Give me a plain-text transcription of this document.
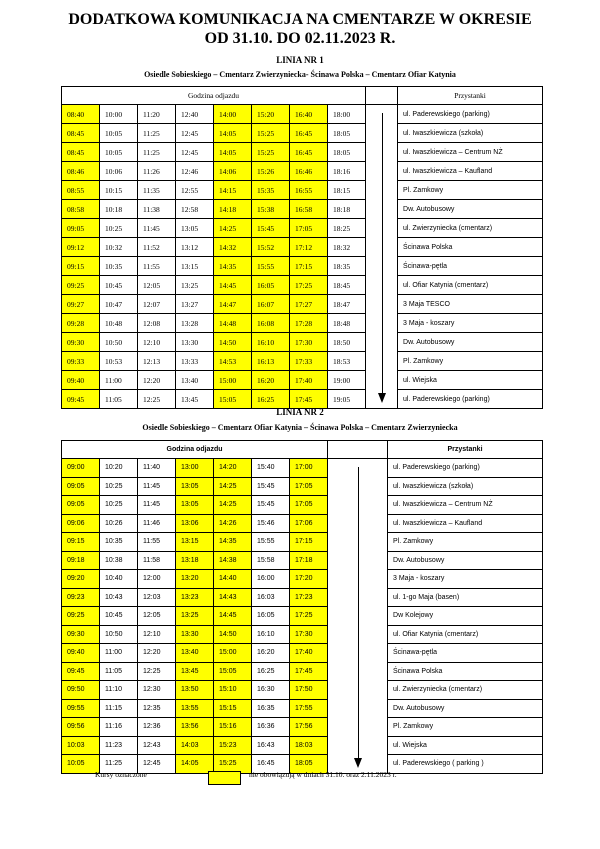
DODATKOWA KOMUNIKACJA NA CMENTARZE W OKRESIE
OD 31.10. DO 02.11.2023 R.
LINIA NR 1
Osiedle Sobieskiego – Cmentarz Zwierzyniecka- Ścinawa Polska – Cmentarz Ofiar Katynia
Godzina odjazdu									Przystanki
08:40	10:00	11:20	12:40	14:00	15:20	16:40	18:00		ul. Paderewskiego (parking)
08:45	10:05	11:25	12:45	14:05	15:25	16:45	18:05		ul. Iwaszkiewicza (szkoła)
08:45	10:05	11:25	12:45	14:05	15:25	16:45	18:05		ul. Iwaszkiewicza – Centrum NŻ
08:46	10:06	11:26	12:46	14:06	15:26	16:46	18:16		ul. Iwaszkiewicza – Kaufland
08:55	10:15	11:35	12:55	14:15	15:35	16:55	18:15		Pl. Zamkowy
08:58	10:18	11:38	12:58	14:18	15:38	16:58	18:18		Dw. Autobusowy
09:05	10:25	11:45	13:05	14:25	15:45	17:05	18:25		ul. Zwierzyniecka (cmentarz)
09:12	10:32	11:52	13:12	14:32	15:52	17:12	18:32		Ścinawa Polska
09:15	10:35	11:55	13:15	14:35	15:55	17:15	18:35		Ścinawa-pętla
09:25	10:45	12:05	13:25	14:45	16:05	17:25	18:45		ul. Ofiar Katynia (cmentarz)
09:27	10:47	12:07	13:27	14:47	16:07	17:27	18:47		3 Maja TESCO
09:28	10:48	12:08	13:28	14:48	16:08	17:28	18:48		3 Maja - koszary
09:30	10:50	12:10	13:30	14:50	16:10	17:30	18:50		Dw. Autobusowy
09:33	10:53	12:13	13:33	14:53	16:13	17:33	18:53		Pl. Zamkowy
09:40	11:00	12:20	13:40	15:00	16:20	17:40	19:00		ul. Wiejska
09:45	11:05	12:25	13:45	15:05	16:25	17:45	19:05		ul. Paderewskiego (parking)
LINIA NR 2
Osiedle Sobieskiego – Cmentarz Ofiar Katynia – Ścinawa Polska – Cmentarz Zwierzyniecka
Godzina odjazdu								Przystanki
09:00	10:20	11:40	13:00	14:20	15:40	17:00		ul. Paderewskiego (parking)
09:05	10:25	11:45	13:05	14:25	15:45	17:05		ul. Iwaszkiewicza (szkoła)
09:05	10:25	11:45	13:05	14:25	15:45	17:05		ul. Iwaszkiewicza – Centrum NŻ
09:06	10:26	11:46	13:06	14:26	15:46	17:06		ul. Iwaszkiewicza – Kaufland
09:15	10:35	11:55	13:15	14:35	15:55	17:15		Pl. Zamkowy
09:18	10:38	11:58	13:18	14:38	15:58	17:18		Dw. Autobusowy
09:20	10:40	12:00	13:20	14:40	16:00	17:20		3 Maja - koszary
09:23	10:43	12:03	13:23	14:43	16:03	17:23		ul. 1-go Maja (basen)
09:25	10:45	12:05	13:25	14:45	16:05	17:25		Dw Kolejowy
09:30	10:50	12:10	13:30	14:50	16:10	17:30		ul. Ofiar Katynia (cmentarz)
09:40	11:00	12:20	13:40	15:00	16:20	17:40		Ścinawa-pętla
09:45	11:05	12:25	13:45	15:05	16:25	17:45		Ścinawa Polska
09:50	11:10	12:30	13:50	15:10	16:30	17:50		ul. Zwierzyniecka (cmentarz)
09:55	11:15	12:35	13:55	15:15	16:35	17:55		Dw. Autobusowy
09:56	11:16	12:36	13:56	15:16	16:36	17:56		Pl. Zamkowy
10:03	11:23	12:43	14:03	15:23	16:43	18:03		ul. Wiejska
10:05	11:25	12:45	14:05	15:25	16:45	18:05		ul. Paderewskiego ( parking )
Kursy oznaczone	nie obowiązują w dniach 31.10. oraz 2.11.2023 r.
